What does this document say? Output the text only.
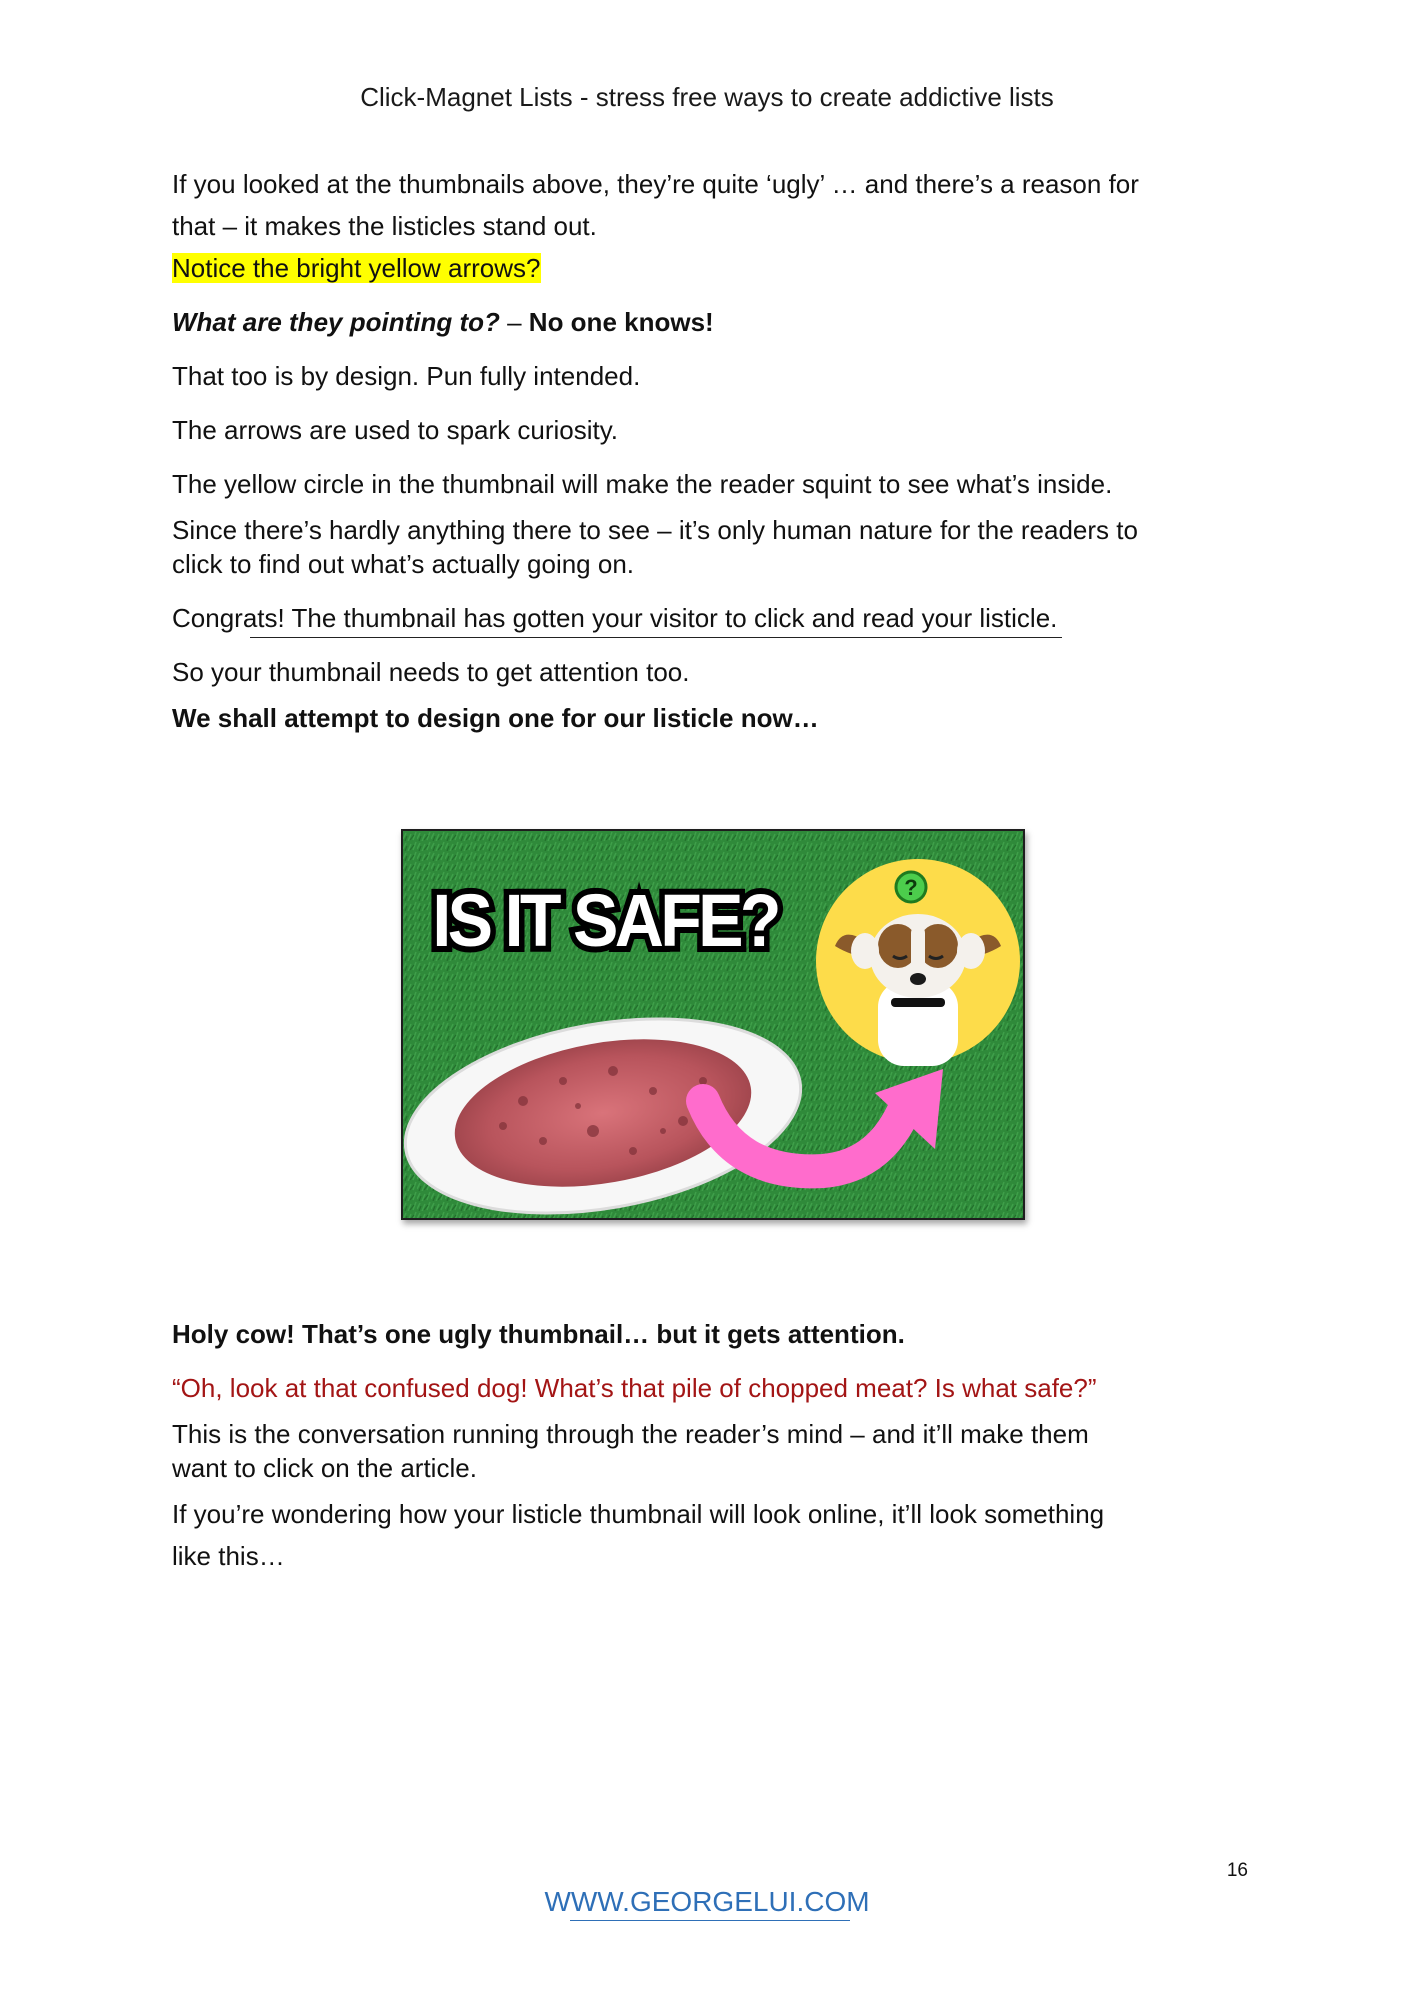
Click-Magnet Lists - stress free ways to create addictive lists
If you looked at the thumbnails above, they’re quite ‘ugly’ … and there’s a reason for
that – it makes the listicles stand out.
Notice the bright yellow arrows?
What are they pointing to? – No one knows!
That too is by design. Pun fully intended.
The arrows are used to spark curiosity.
The yellow circle in the thumbnail will make the reader squint to see what’s inside.
Since there’s hardly anything there to see – it’s only human nature for the readers to
click to find out what’s actually going on.
Congrats! The thumbnail has gotten your visitor to click and read your listicle.
So your thumbnail needs to get attention too.
We shall attempt to design one for our listicle now…
IS IT SAFE?	?
Holy cow! That’s one ugly thumbnail… but it gets attention.
“Oh, look at that confused dog! What’s that pile of chopped meat? Is what safe?”
This is the conversation running through the reader’s mind – and it’ll make them
want to click on the article.
If you’re wondering how your listicle thumbnail will look online, it’ll look something
like this…
16
WWW.GEORGELUI.COM
